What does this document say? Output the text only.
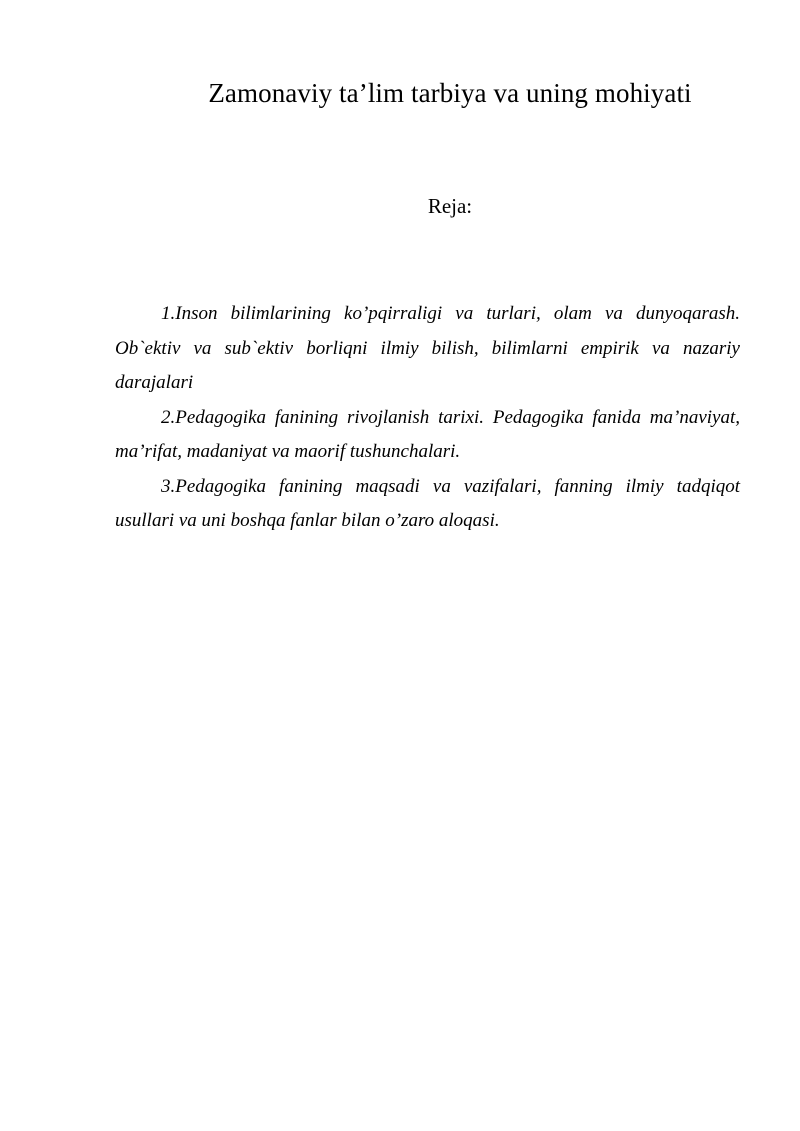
Zamonaviy ta’lim tarbiya va uning mohiyati
Reja:
1.Inson bilimlarining ko’pqirraligi va turlari, olam va dunyoqarash. Ob`ektiv va sub`ektiv borliqni ilmiy bilish, bilimlarni empirik va nazariy darajalari
2.Pedagogika fanining rivojlanish tarixi. Pedagogika fanida ma’naviyat, ma’rifat, madaniyat va maorif tushunchalari.
3.Pedagogika fanining maqsadi va vazifalari, fanning ilmiy tadqiqot usullari va uni boshqa fanlar bilan o’zaro aloqasi.
